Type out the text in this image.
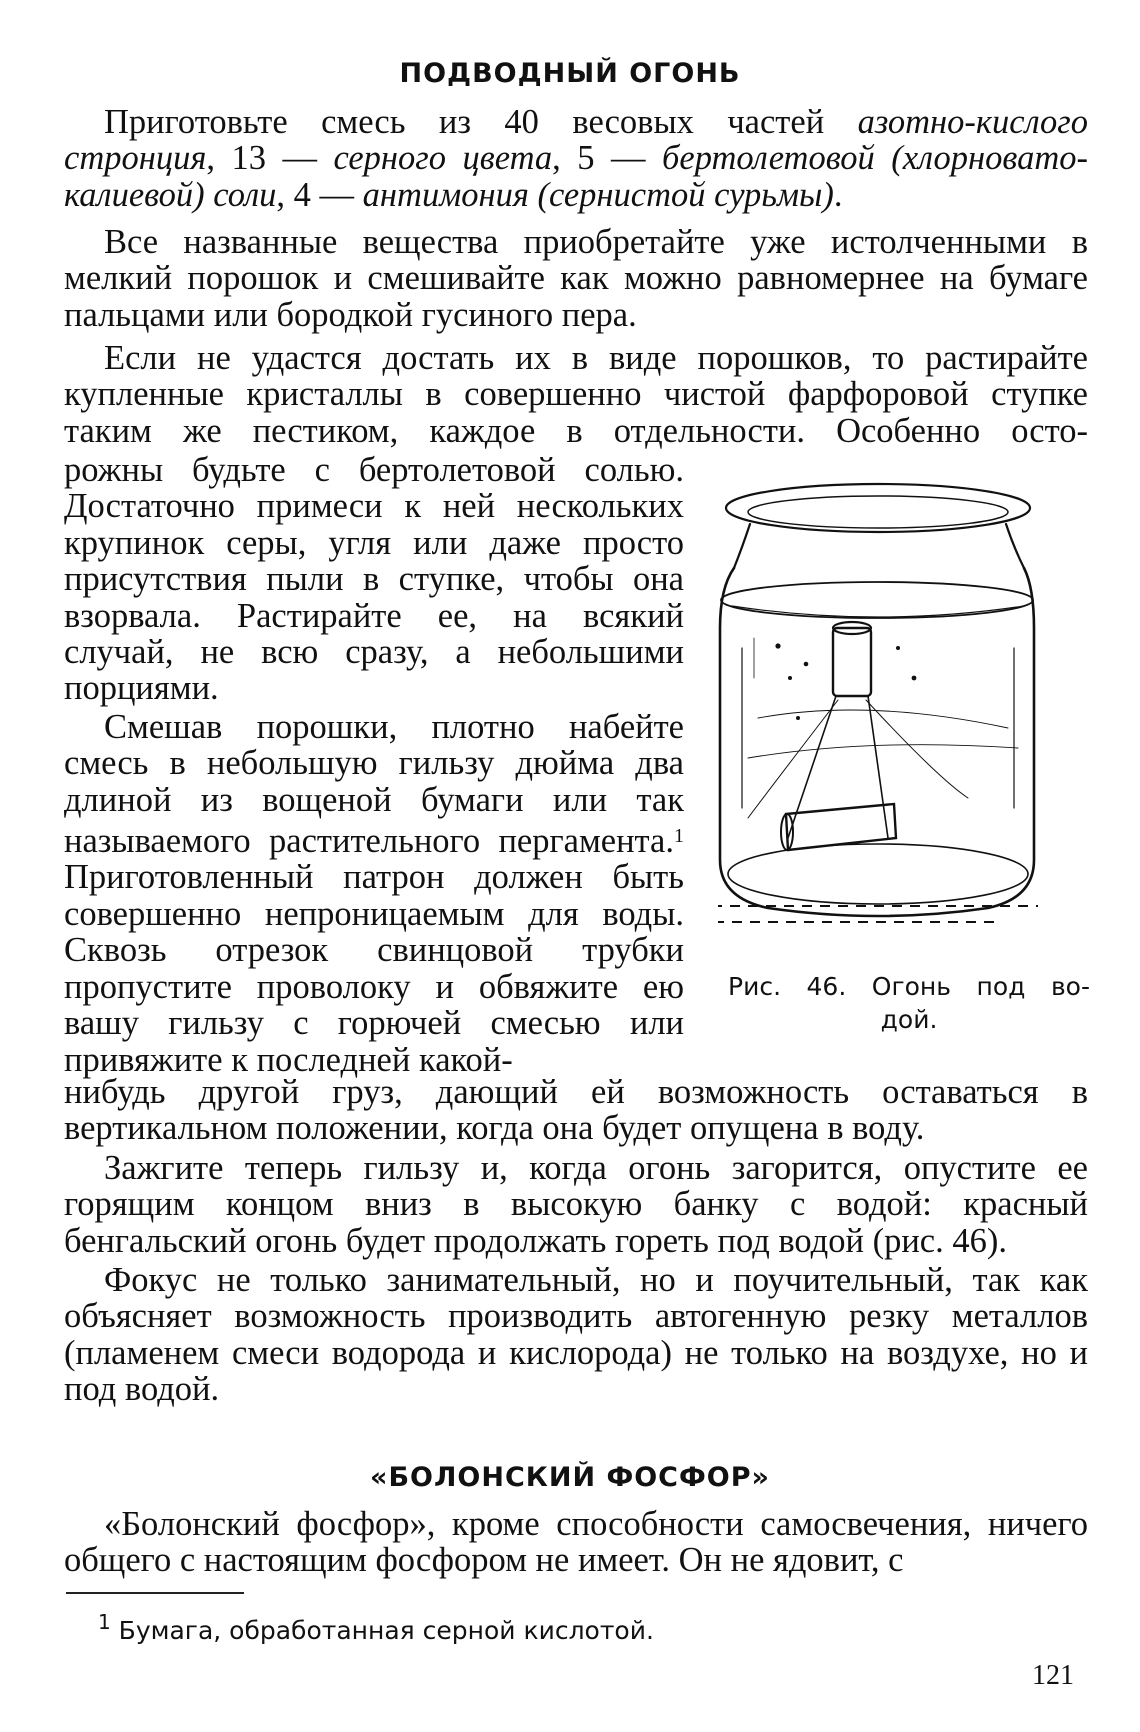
ПОДВОДНЫЙ ОГОНЬ

Приготовьте смесь из 40 весовых частей азотно-кислого стронция, 13 — серного цвета, 5 — бертолетовой (хлорновато-калиевой) соли, 4 — антимония (сернистой сурьмы).

Все названные вещества приобретайте уже истолченными в мелкий порошок и смешивайте как можно равномернее на бумаге пальцами или бородкой гусиного пера.

Если не удастся достать их в виде порошков, то растирайте купленные кристаллы в совершенно чистой фарфоровой ступке таким же пестиком, каждое в отдельности. Особенно осто-

рожны будьте с бертолетовой солью. Достаточно примеси к ней нескольких крупинок серы, угля или даже просто присутствия пыли в ступке, чтобы она взорвала. Растирайте ее, на всякий случай, не всю сразу, а небольшими порциями.

Смешав порошки, плотно набейте смесь в небольшую гильзу дюйма два длиной из вощеной бумаги или так называемого растительного пергамента.$^1$ Приготовленный патрон должен быть совершенно непроницаемым для воды. Сквозь отрезок свинцовой трубки пропустите проволоку и обвяжите ею вашу гильзу с горючей смесью или привяжите к последней какой-

нибудь другой груз, дающий ей возможность оставаться в вертикальном положении, когда она будет опущена в воду.

Зажгите теперь гильзу и, когда огонь загорится, опустите ее горящим концом вниз в высокую банку с водой: красный бенгальский огонь будет продолжать гореть под водой (рис. 46).

Фокус не только занимательный, но и поучительный, так как объясняет возможность производить автогенную резку металлов (пламенем смеси водорода и кислорода) не только на воздухе, но и под водой.

Рис. 46. Огонь под во-
дой.
«БОЛОНСКИЙ ФОСФОР»

«Болонский фосфор», кроме способности самосвечения, ничего общего с настоящим фосфором не имеет. Он не ядовит, с

$^1$ Бумага, обработанная серной кислотой.
121
